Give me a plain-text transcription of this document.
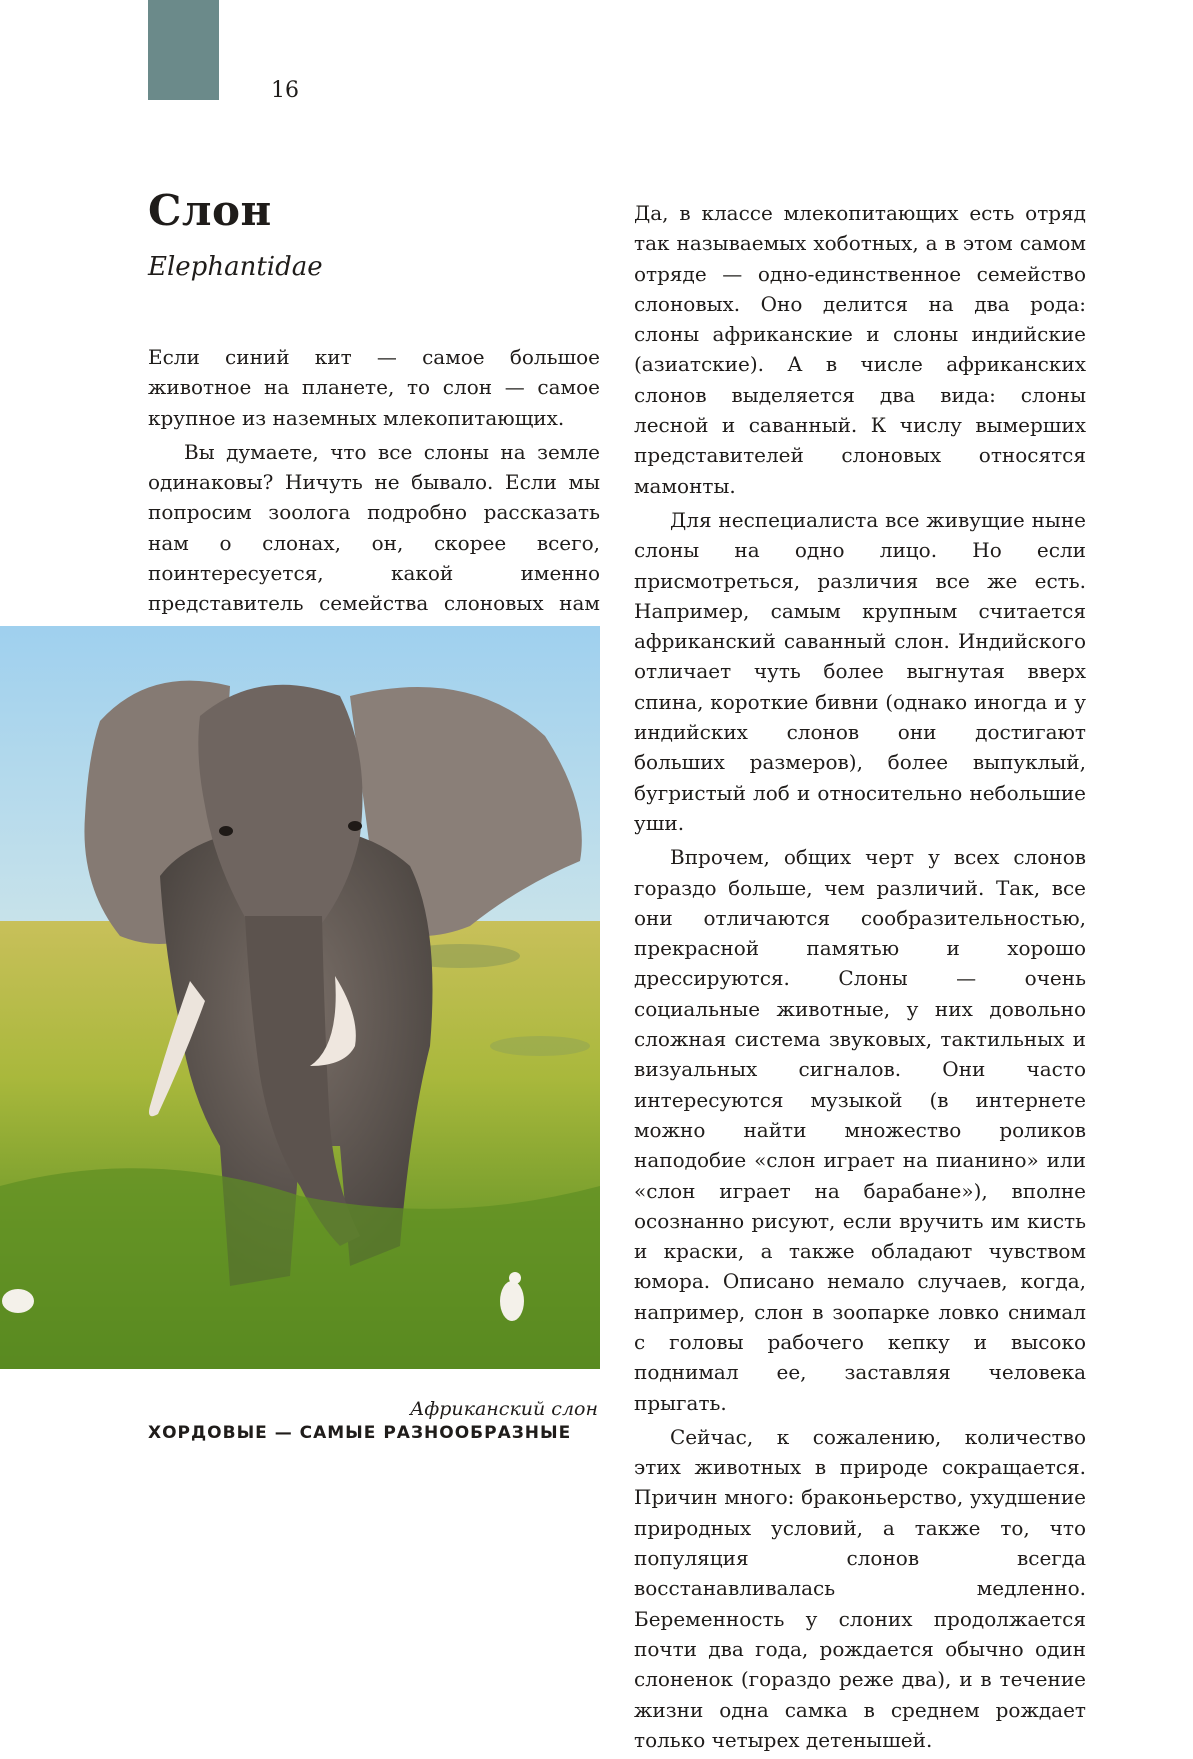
16
Слон
Elephantidae

Если синий кит — самое большое животное на планете, то слон — самое крупное из наземных млекопитающих.

Вы думаете, что все слоны на земле одинаковы? Ничуть не бывало. Если мы попросим зоолога подробно рассказать нам о слонах, он, скорее всего, поинтересуется, какой именно представитель семейства слоновых нам

Да, в классе млекопитающих есть отряд так называемых хоботных, а в этом самом отряде — одно-единственное семейство слоновых. Оно делится на два рода: слоны африканские и слоны индийские (азиатские). А в числе африканских слонов выделяется два вида: слоны лесной и саванный. К числу вымерших представителей слоновых относятся мамонты.

Для неспециалиста все живущие ныне слоны на одно лицо. Но если присмотреться, различия все же есть. Например, самым крупным считается африканский саванный слон. Индийского отличает чуть более выгнутая вверх спина, короткие бивни (однако иногда и у индийских слонов они достигают больших размеров), более выпуклый, бугристый лоб и относительно небольшие уши.

Впрочем, общих черт у всех слонов гораздо больше, чем различий. Так, все они отличаются сообразительностью, прекрасной памятью и хорошо дрессируются. Слоны — очень социальные животные, у них довольно сложная система звуковых, тактильных и визуальных сигналов. Они часто интересуются музыкой (в интернете можно найти множество роликов наподобие «слон играет на пианино» или «слон играет на барабане»), вполне осознанно рисуют, если вручить им кисть и краски, а также обладают чувством юмора. Описано немало случаев, когда, например, слон в зоопарке ловко снимал с головы рабочего кепку и высоко поднимал ее, заставляя человека прыгать.

Сейчас, к сожалению, количество этих животных в природе сокращается. Причин много: браконьерство, ухудшение природных условий, а также то, что популяция слонов всегда восстанавливалась медленно. Беременность у слоних продолжается почти два года, рождается обычно один слоненок (гораздо реже два), и в течение жизни одна самка в среднем рождает только четырех детенышей.

Африканский слон
ХОРДОВЫЕ — САМЫЕ РАЗНООБРАЗНЫЕ
